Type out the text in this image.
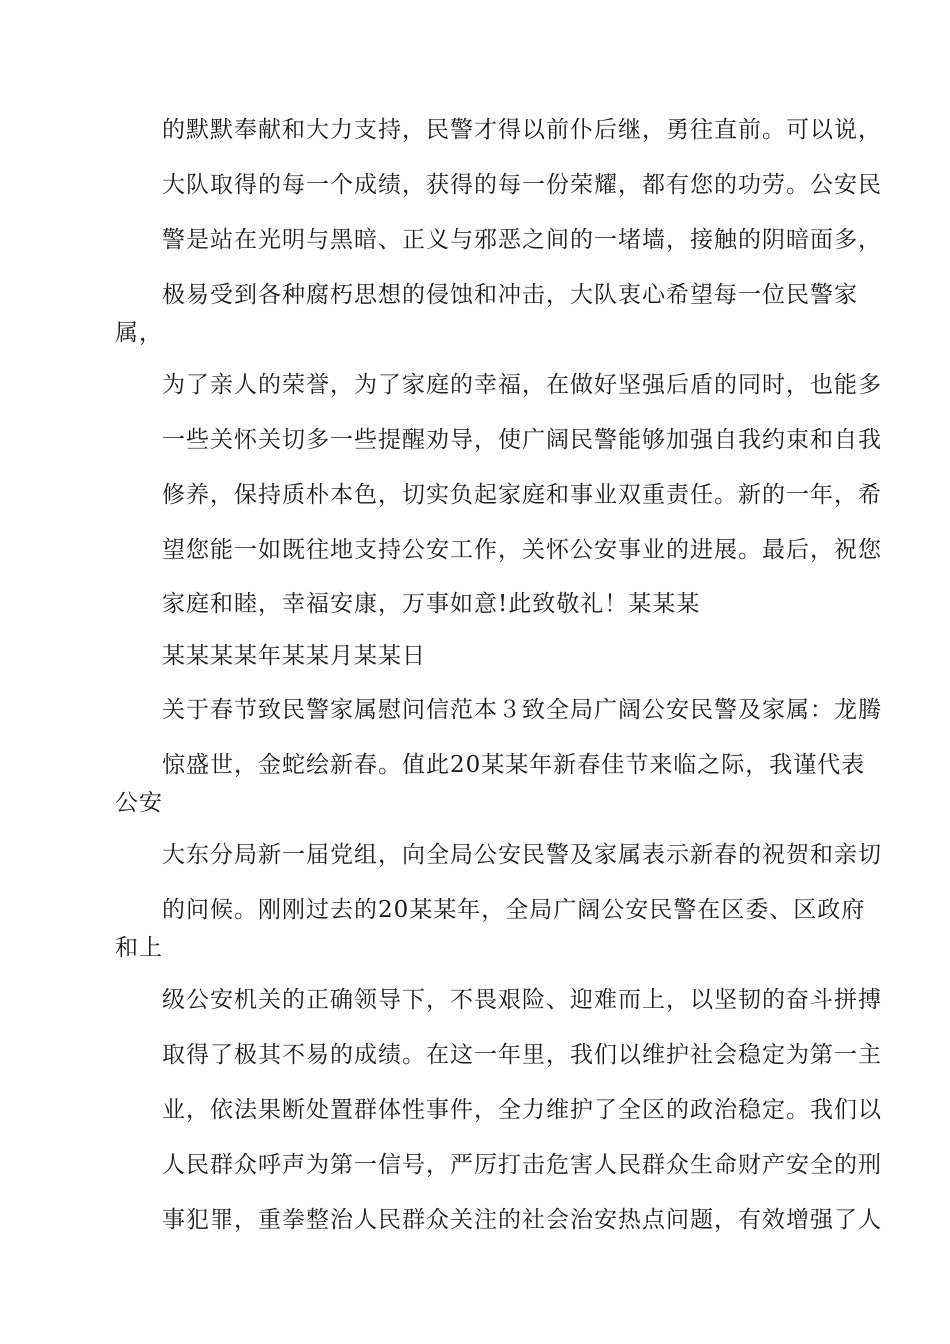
的默默奉献和大力支持，民警才得以前仆后继，勇往直前。可以说，
大队取得的每一个成绩，获得的每一份荣耀，都有您的功劳。公安民
警是站在光明与黑暗、正义与邪恶之间的一堵墙，接触的阴暗面多，
极易受到各种腐朽思想的侵蚀和冲击，大队衷心希望每一位民警家
属，
为了亲人的荣誉，为了家庭的幸福，在做好坚强后盾的同时，也能多
一些关怀关切多一些提醒劝导，使广阔民警能够加强自我约束和自我
修养，保持质朴本色，切实负起家庭和事业双重责任。新的一年，希
望您能一如既往地支持公安工作，关怀公安事业的进展。最后，祝您
家庭和睦，幸福安康，万事如意!此致敬礼！某某某
某某某某年某某月某某日
关于春节致民警家属慰问信范本３致全局广阔公安民警及家属：龙腾
惊盛世，金蛇绘新春。值此20某某年新春佳节来临之际，我谨代表
公安
大东分局新一届党组，向全局公安民警及家属表示新春的祝贺和亲切
的问候。刚刚过去的20某某年，全局广阔公安民警在区委、区政府
和上
级公安机关的正确领导下，不畏艰险、迎难而上，以坚韧的奋斗拼搏
取得了极其不易的成绩。在这一年里，我们以维护社会稳定为第一主
业，依法果断处置群体性事件，全力维护了全区的政治稳定。我们以
人民群众呼声为第一信号，严厉打击危害人民群众生命财产安全的刑
事犯罪，重拳整治人民群众关注的社会治安热点问题，有效增强了人
